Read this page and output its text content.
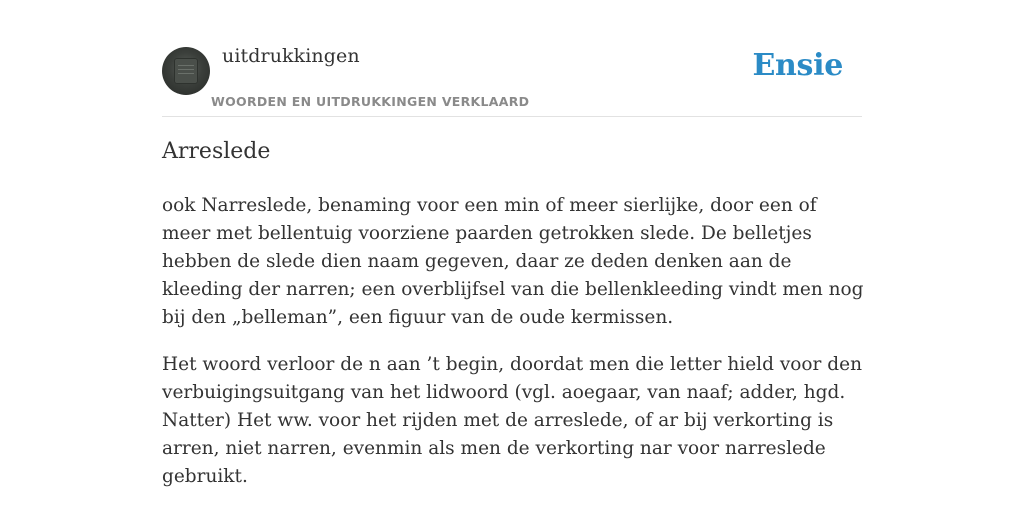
uitdrukkingen
WOORDEN EN UITDRUKKINGEN VERKLAARD
Ensie
Arreslede

ook Narreslede, benaming voor een min of meer sierlijke, door een of meer met bellentuig voorziene paarden getrokken slede. De belletjes hebben de slede dien naam gegeven, daar ze deden denken aan de kleeding der narren; een overblijfsel van die bellenkleeding vindt men nog bij den „belleman”, een figuur van de oude kermissen.

Het woord verloor de n aan ’t begin, doordat men die letter hield voor den verbuigingsuitgang van het lidwoord (vgl. aoegaar, van naaf; adder, hgd. Natter) Het ww. voor het rijden met de arreslede, of ar bij verkorting is arren, niet narren, evenmin als men de verkorting nar voor narreslede gebruikt.
